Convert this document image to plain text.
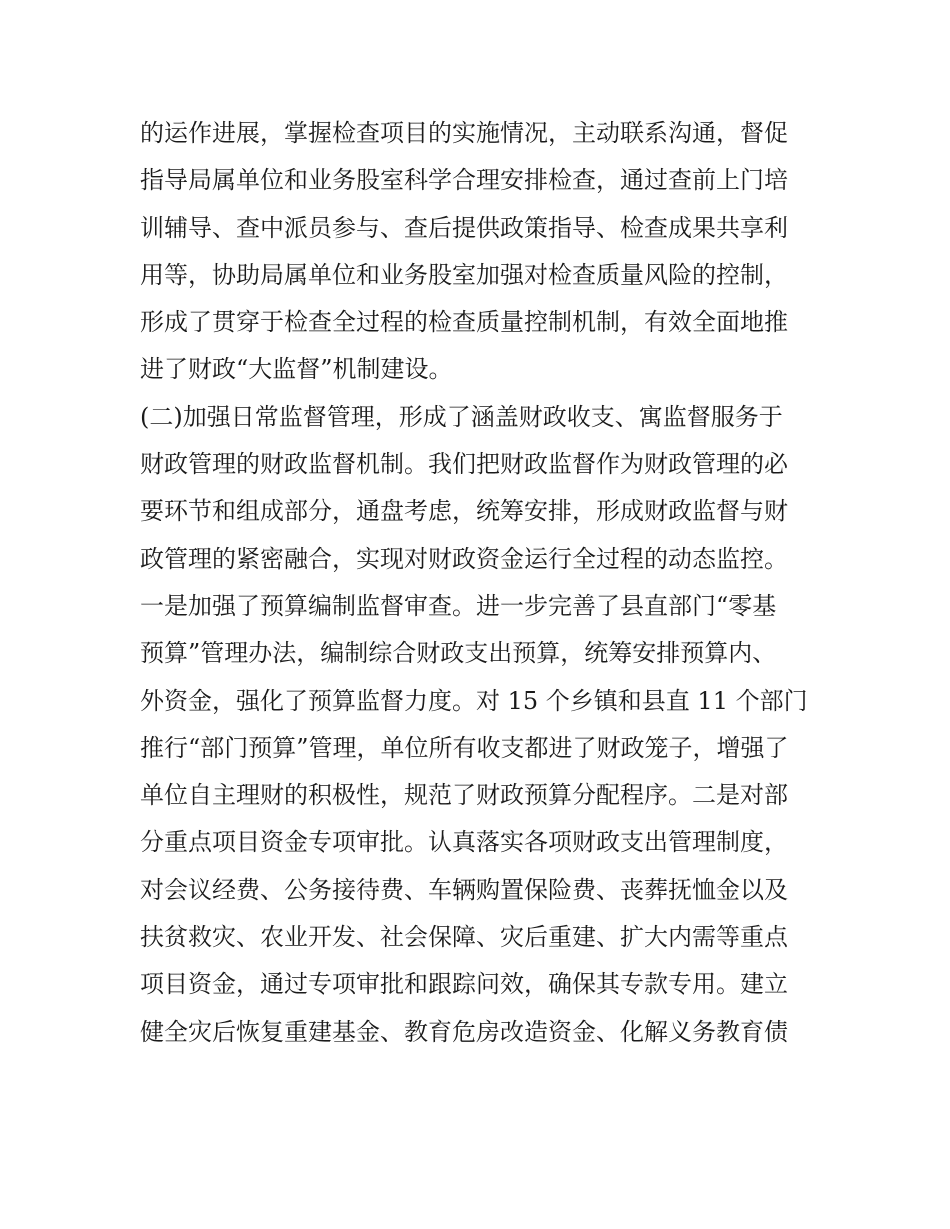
的运作进展，掌握检查项目的实施情况，主动联系沟通，督促
指导局属单位和业务股室科学合理安排检查，通过查前上门培
训辅导、查中派员参与、查后提供政策指导、检查成果共享利
用等，协助局属单位和业务股室加强对检查质量风险的控制，
形成了贯穿于检查全过程的检查质量控制机制，有效全面地推
进了财政“大监督”机制建设。
(二)加强日常监督管理，形成了涵盖财政收支、寓监督服务于
财政管理的财政监督机制。我们把财政监督作为财政管理的必
要环节和组成部分，通盘考虑，统筹安排，形成财政监督与财
政管理的紧密融合，实现对财政资金运行全过程的动态监控。
一是加强了预算编制监督审查。进一步完善了县直部门“零基
预算”管理办法，编制综合财政支出预算，统筹安排预算内、
外资金，强化了预算监督力度。对 15 个乡镇和县直 11 个部门
推行“部门预算”管理，单位所有收支都进了财政笼子，增强了
单位自主理财的积极性，规范了财政预算分配程序。二是对部
分重点项目资金专项审批。认真落实各项财政支出管理制度，
对会议经费、公务接待费、车辆购置保险费、丧葬抚恤金以及
扶贫救灾、农业开发、社会保障、灾后重建、扩大内需等重点
项目资金，通过专项审批和跟踪问效，确保其专款专用。建立
健全灾后恢复重建基金、教育危房改造资金、化解义务教育债
